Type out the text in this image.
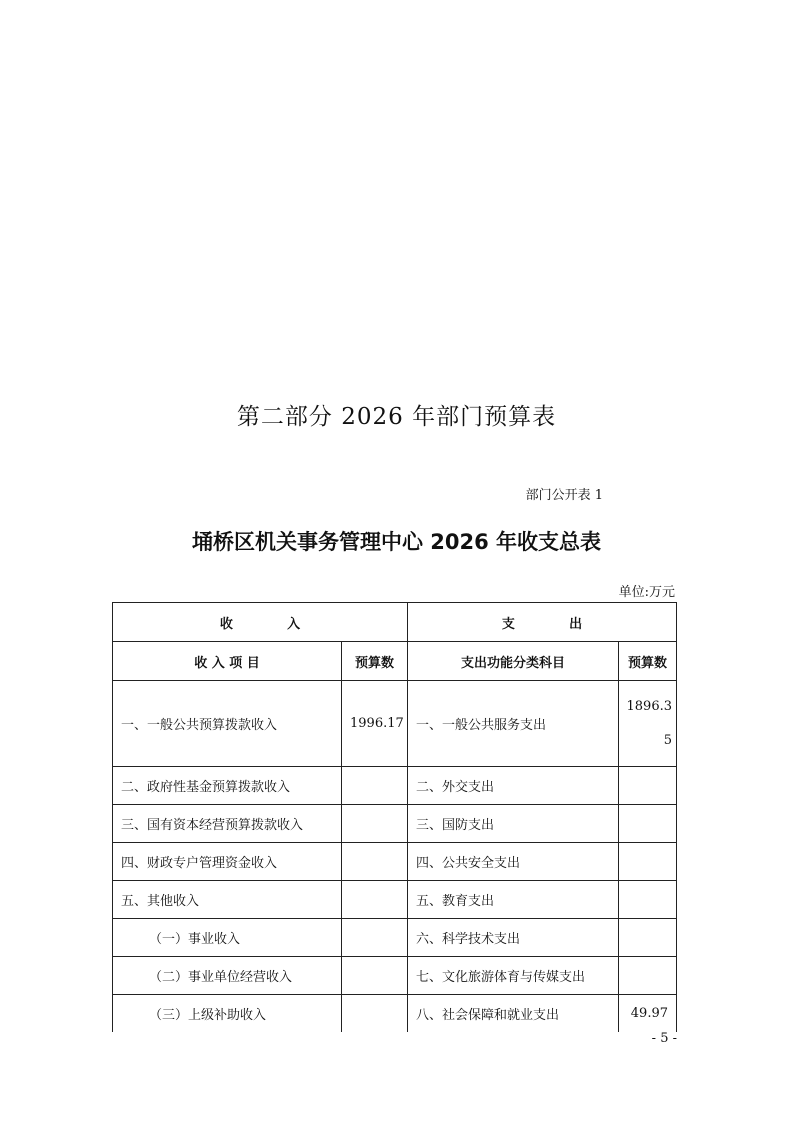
第二部分 2026 年部门预算表
部门公开表 1
埇桥区机关事务管理中心 2026 年收支总表
单位:万元
收            入		支            出	
收 入 项 目	预算数	支出功能分类科目	预算数
一、一般公共预算拨款收入	1996.17	一、一般公共服务支出	1896.35
二、政府性基金预算拨款收入		二、外交支出	
三、国有资本经营预算拨款收入		三、国防支出	
四、财政专户管理资金收入		四、公共安全支出	
五、其他收入		五、教育支出	
（一）事业收入		六、科学技术支出	
（二）事业单位经营收入		七、文化旅游体育与传媒支出	
（三）上级补助收入		八、社会保障和就业支出	49.97
- 5 -
